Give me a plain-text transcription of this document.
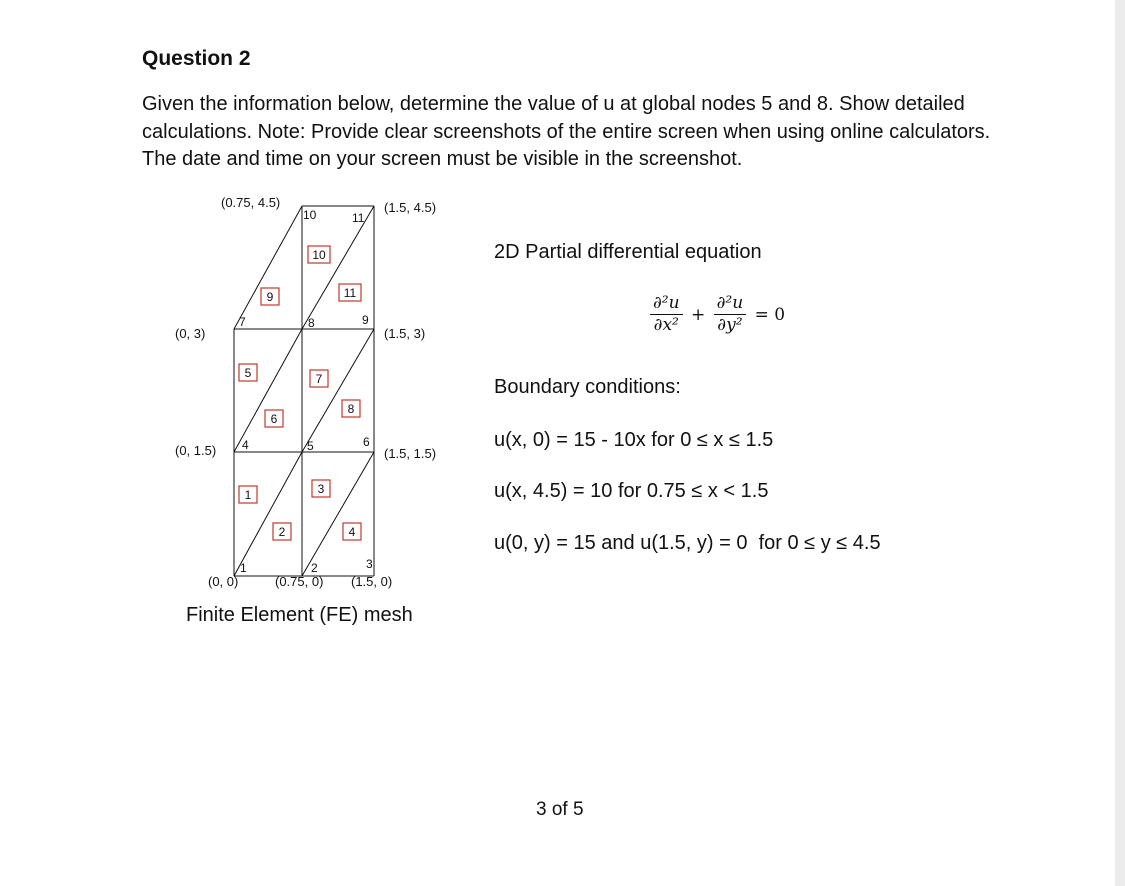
Question 2
Given the information below, determine the value of u at global nodes 5 and 8. Show detailed calculations. Note: Provide clear screenshots of the entire screen when using online calculators. The date and time on your screen must be visible in the screenshot.
1
2
3
4
5
6
7
8
9
10
11
1	2	3
4	5	6
7	8	9
10	11
(0.75, 4.5)	(1.5, 4.5)
(0, 3)	(1.5, 3)
(0, 1.5)	(1.5, 1.5)
(0, 0)	(0.75, 0) (1.5, 0)
Finite Element (FE) mesh
2D Partial differential equation
$\frac{\text{∂²u}}{\text{∂x²}} + \frac{\text{∂²u}}{\text{∂y²}} = 0$
Boundary conditions:
u(x, 0) = 15 - 10x for 0 ≤ x ≤ 1.5
u(x, 4.5) = 10 for 0.75 ≤ x < 1.5
u(0, y) = 15 and u(1.5, y) = 0  for 0 ≤ y ≤ 4.5
3 of 5
